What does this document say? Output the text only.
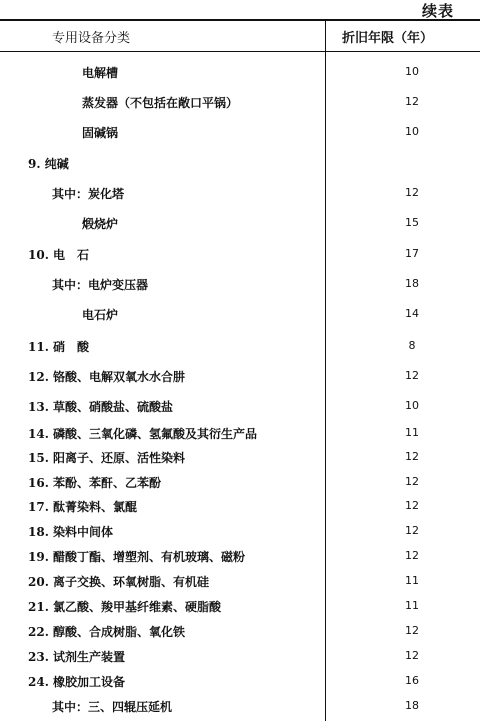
续表
专用设备分类	折旧年限（年）
电解槽	10
蒸发器（不包括在敞口平锅）	12
固碱锅	10
9. 纯碱
其中：炭化塔	12
煅烧炉	15
10. 电　石	17
其中：电炉变压器	18
电石炉	14
11. 硝　酸	8
12. 铬酸、电解双氧水水合肼	12
13. 草酸、硝酸盐、硫酸盐	10
14. 磷酸、三氧化磷、氢氟酸及其衍生产品	11
15. 阳离子、还原、活性染料	12
16. 苯酚、苯酐、乙苯酚	12
17. 酞菁染料、氯醌	12
18. 染料中间体	12
19. 醋酸丁酯、增塑剂、有机玻璃、磁粉	12
20. 离子交换、环氧树脂、有机硅	11
21. 氯乙酸、羧甲基纤维素、硬脂酸	11
22. 醇酸、合成树脂、氧化铁	12
23. 试剂生产装置	12
24. 橡胶加工设备	16
其中：三、四辊压延机	18
